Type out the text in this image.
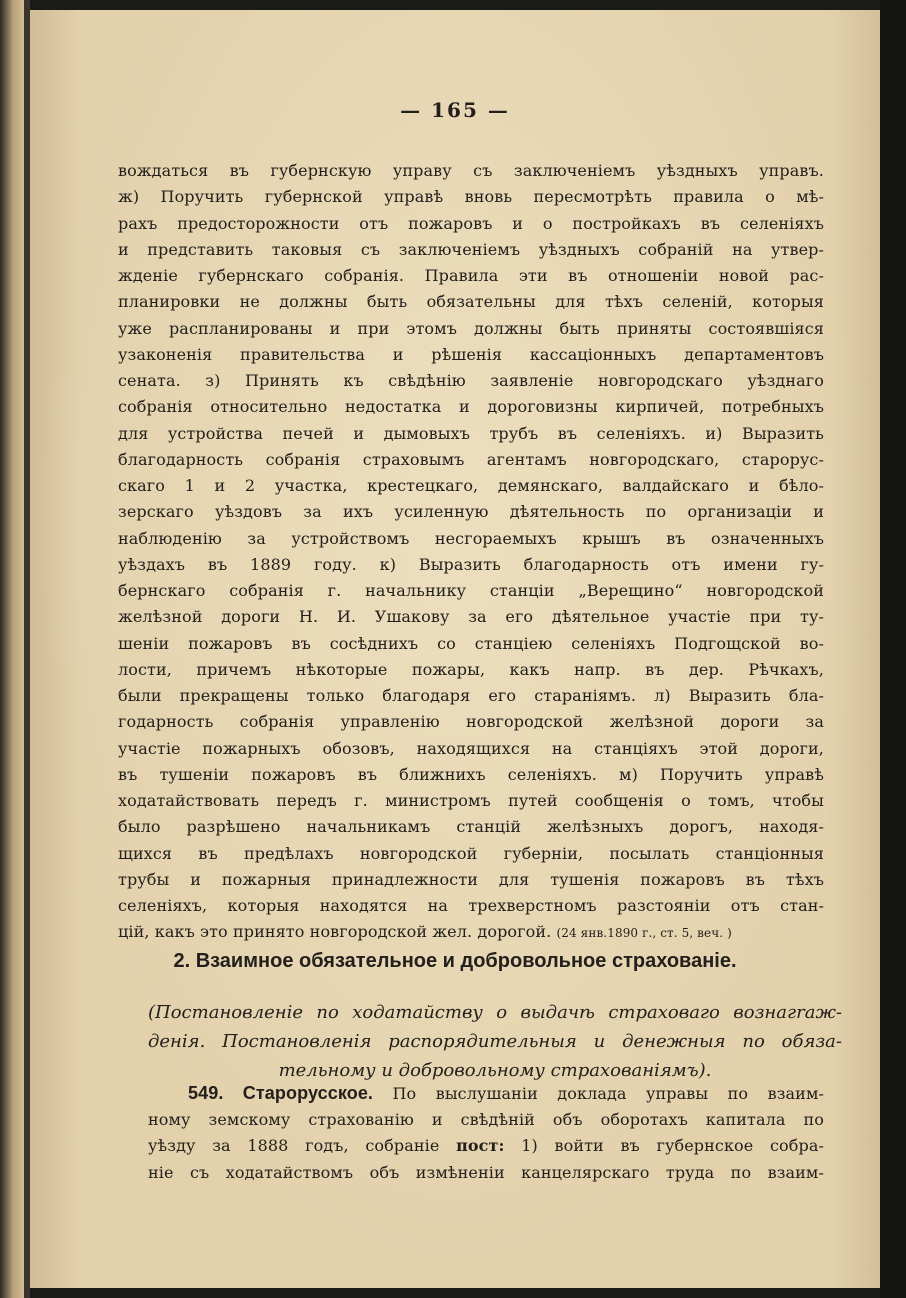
— 165 —
вождаться въ губернскую управу съ заключеніемъ уѣздныхъ управъ.
ж) Поручить губернской управѣ вновь пересмотрѣть правила о мѣ-
рахъ предосторожности отъ пожаровъ и о постройкахъ въ селеніяхъ
и представить таковыя съ заключеніемъ уѣздныхъ собраній на утвер-
жденіе губернскаго собранія. Правила эти въ отношеніи новой рас-
планировки не должны быть обязательны для тѣхъ селеній, которыя
уже распланированы и при этомъ должны быть приняты состоявшіяся
узаконенія правительства и рѣшенія кассаціонныхъ департаментовъ
сената. з) Принять къ свѣдѣнію заявленіе новгородскаго уѣзднаго
собранія относительно недостатка и дороговизны кирпичей, потребныхъ
для устройства печей и дымовыхъ трубъ въ селеніяхъ. и) Выразить
благодарность собранія страховымъ агентамъ новгородскаго, старорус-
скаго 1 и 2 участка, крестецкаго, демянскаго, валдайскаго и бѣло-
зерскаго уѣздовъ за ихъ усиленную дѣятельность по организаціи и
наблюденію за устройствомъ несгораемыхъ крышъ въ означенныхъ
уѣздахъ въ 1889 году. к) Выразить благодарность отъ имени гу-
бернскаго собранія г. начальнику станціи „Верещино“ новгородской
желѣзной дороги Н. И. Ушакову за его дѣятельное участіе при ту-
шеніи пожаровъ въ сосѣднихъ со станціею селеніяхъ Подгощской во-
лости, причемъ нѣкоторые пожары, какъ напр. въ дер. Рѣчкахъ,
были прекращены только благодаря его стараніямъ. л) Выразить бла-
годарность собранія управленію новгородской желѣзной дороги за
участіе пожарныхъ обозовъ, находящихся на станціяхъ этой дороги,
въ тушеніи пожаровъ въ ближнихъ селеніяхъ. м) Поручить управѣ
ходатайствовать передъ г. министромъ путей сообщенія о томъ, чтобы
было разрѣшено начальникамъ станцій желѣзныхъ дорогъ, находя-
щихся въ предѣлахъ новгородской губерніи, посылать станціонныя
трубы и пожарныя принадлежности для тушенія пожаровъ въ тѣхъ
селеніяхъ, которыя находятся на трехверстномъ разстояніи отъ стан-
цій, какъ это принято новгородской жел. дорогой. (24 янв.1890 г., ст. 5, веч. )
2. Взаимное обязательное и добровольное страхованіе.
(Постановленіе по ходатайству о выдачѣ страховаго вознагraж-
денія. Постановленія распорядительныя и денежныя по обяза-
тельному и добровольному страхованіямъ).
549. Старорусское. По выслушаніи доклада управы по взаим-
ному земскому страхованію и свѣдѣній объ оборотахъ капитала по
уѣзду за 1888 годъ, собраніе пост: 1) войти въ губернское собра-
ніе съ ходатайствомъ объ измѣненіи канцелярскаго труда по взаим-
